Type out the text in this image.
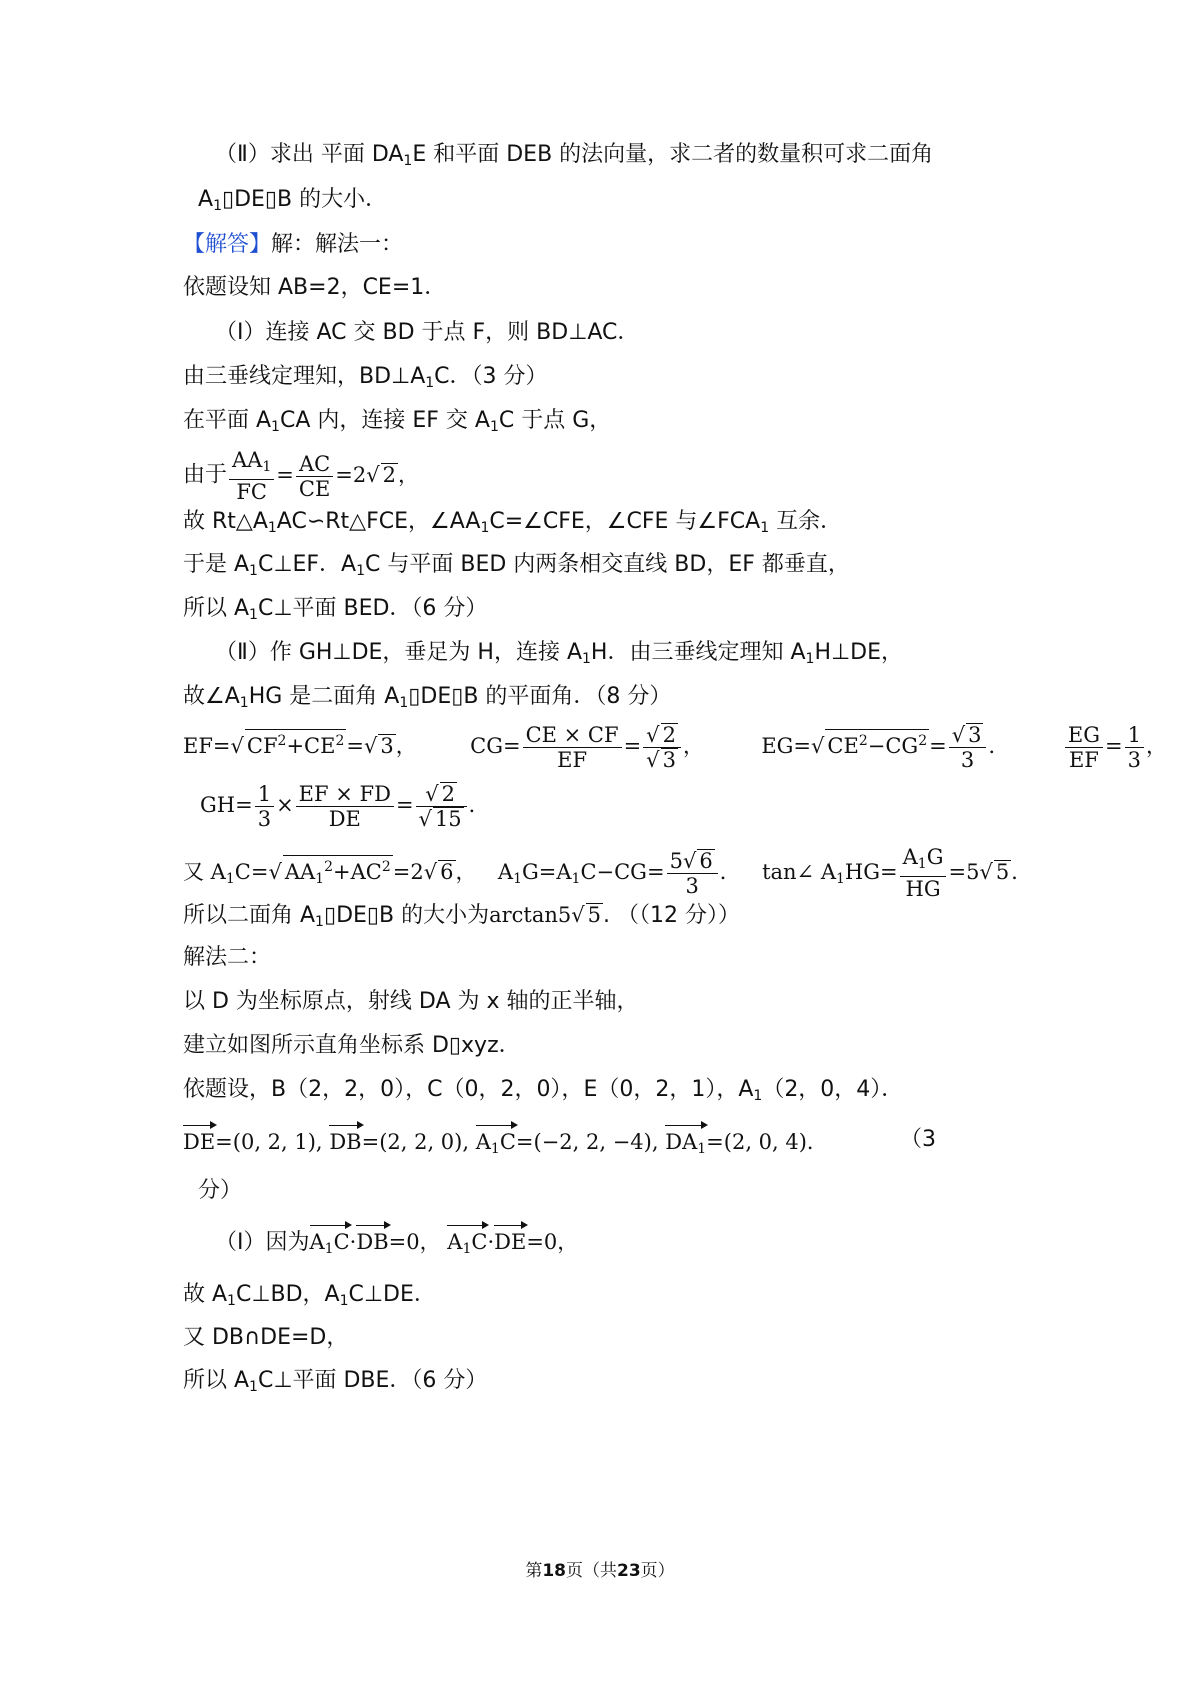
（Ⅱ）求出 平面 $DA_1E$ 和平面 DEB 的法向量，求二者的数量积可求二面角
$A_1▯DE▯B$ 的大小．
【解答】解：解法一：
依题设知 AB=2，CE=1．
（Ⅰ）连接 AC 交 BD 于点 F，则 BD⊥AC．
由三垂线定理知，$BD\perp A_1C$．（3 分）
在平面 $A_1CA$ 内，连接 EF 交 $A_1C$ 于点 G，
由于 $\frac{AA_1}{FC} = \frac{AC}{CE} =2√$ 2，
故 $Rt\triangle A_1AC∽Rt\triangle FCE$，$\angle AA_1C=\angle CFE$，∠CFE 与$\angle FCA_1$ 互余．
于是 $A_1C\perp EF$．$A_1C$ 与平面 BED 内两条相交直线 BD，EF 都垂直，
所以 $A_1C\perp$平面 BED．（6 分）
（Ⅱ）作 GH⊥DE，垂足为 H，连接 $A_1H$．由三垂线定理知 $A_1H\perp DE$，
故$\angle A_1HG$ 是二面角 $A_1▯DE▯B$ 的平面角．（8 分）
EF=√ $CF^2+CE^2=√$ 3，	$CG= \frac{CE \times CF}{EF} = \frac{√ 2}{√ 3}$ ，	EG=√ $CE^2-CG^2= \frac{√ 3}{3}$ ．	$\frac{EG}{EF} = \frac{1}{3}$ ，
$GH= \frac{1}{3} \times \frac{EF \times FD}{DE} = \frac{√ 2}{√ 15}$ ．
又 $A_1C=√$ $AA_1^2+AC^2=2√$ 6， $A_1G=A_1C-CG= \frac{5√ 6}{3}$ ． tan∠ $A_1HG= \frac{A_1G}{HG} =5√$ 5．
所以二面角 $A_1▯DE▯B$ 的大小为arctan5√ 5. （（12 分））
解法二：
以 D 为坐标原点，射线 DA 为 x 轴的正半轴，
建立如图所示直角坐标系 D▯xyz．
依题设，B（2，2，0），C（0，2，0），E（0，2，1），$A_1(2$，0，4）．
DE=(0, 2, 1), DB=(2, 2, 0), $A_1C=(-2$, 2, −4), $DA_1=(2$, 0, 4)．	（3
分）
（Ⅰ）因为$A_1C\cdot DB=0$， $A_1C\cdot DE=0$，
故 $A_1C\perp BD$，$A_1C\perp DE$．
又 DB∩DE=D，
所以 $A_1C\perp$平面 DBE．（6 分）
第18页（共23页）
